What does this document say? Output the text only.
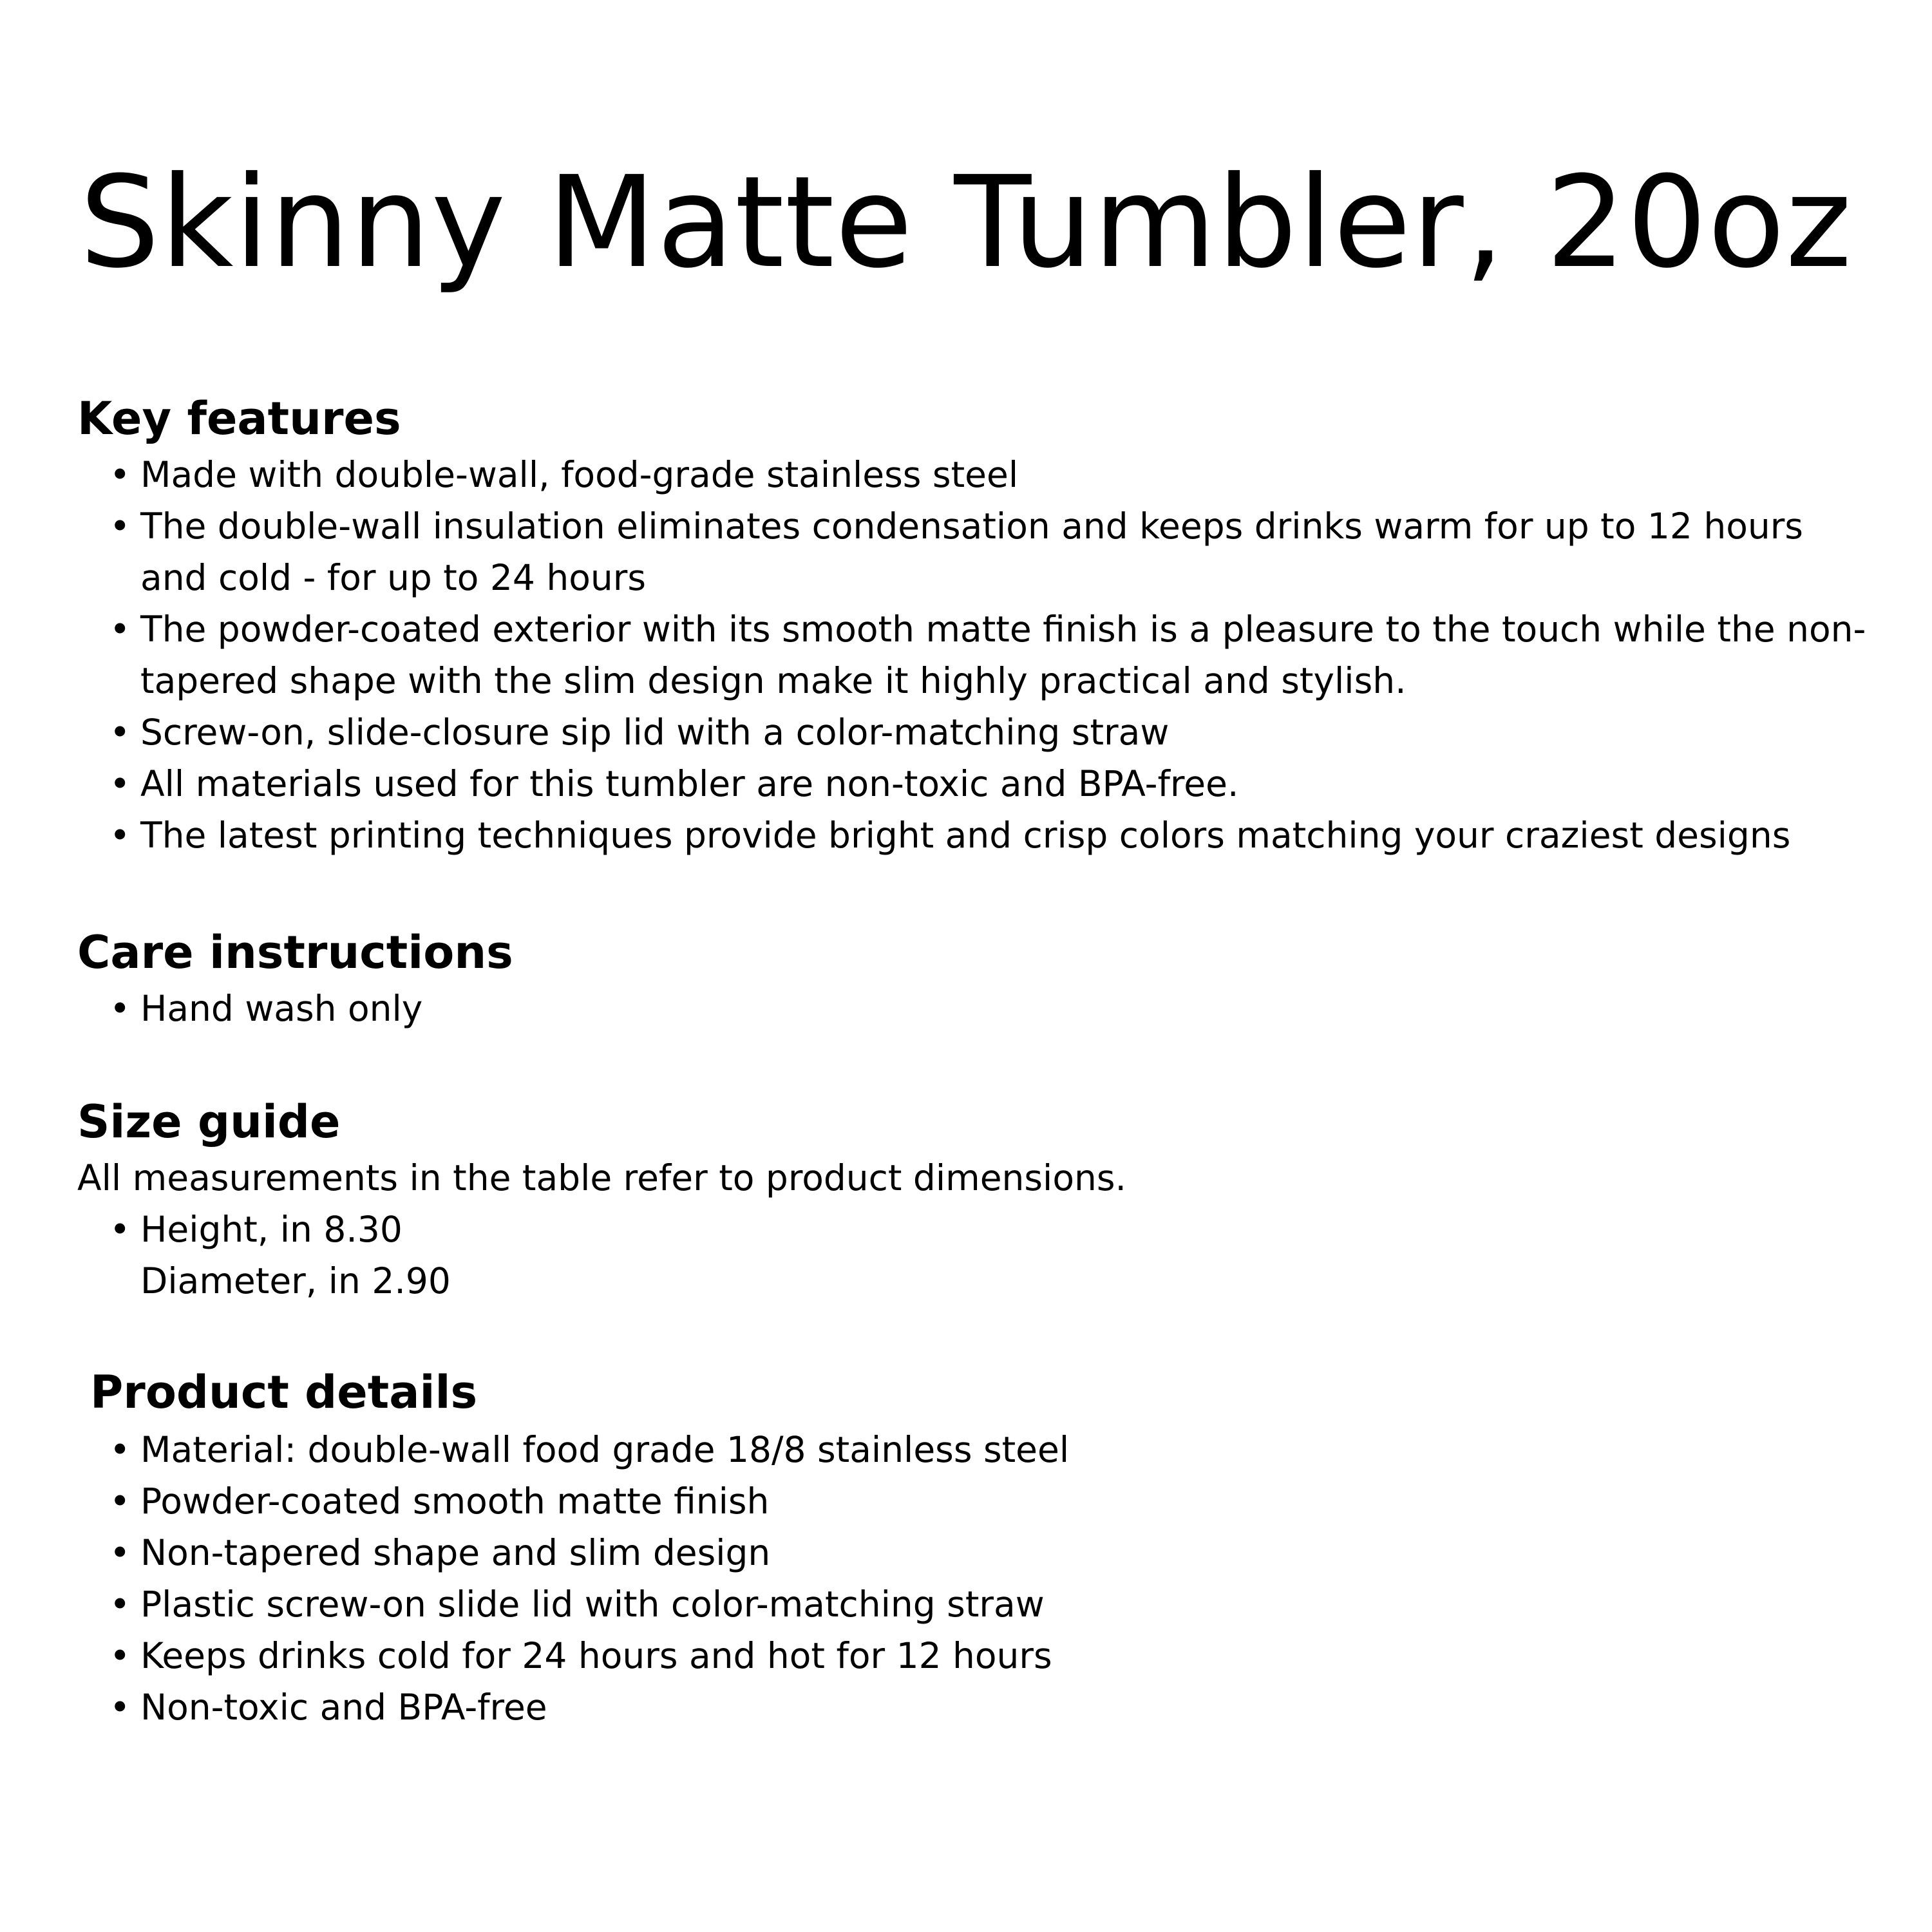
Skinny Matte Tumbler, 20oz
Key features
• Made with double-wall, food-grade stainless steel
• The double-wall insulation eliminates condensation and keeps drinks warm for up to 12 hours and cold - for up to 24 hours
• The powder-coated exterior with its smooth matte finish is a pleasure to the touch while the non-tapered shape with the slim design make it highly practical and stylish.
• Screw-on, slide-closure sip lid with a color-matching straw
• All materials used for this tumbler are non-toxic and BPA-free.
• The latest printing techniques provide bright and crisp colors matching your craziest designs
Care instructions
• Hand wash only
Size guide

All measurements in the table refer to product dimensions.

• Height, in 8.30
Diameter, in 2.90
Product details
• Material: double-wall food grade 18/8 stainless steel
• Powder-coated smooth matte finish
• Non-tapered shape and slim design
• Plastic screw-on slide lid with color-matching straw
• Keeps drinks cold for 24 hours and hot for 12 hours
• Non-toxic and BPA-free
